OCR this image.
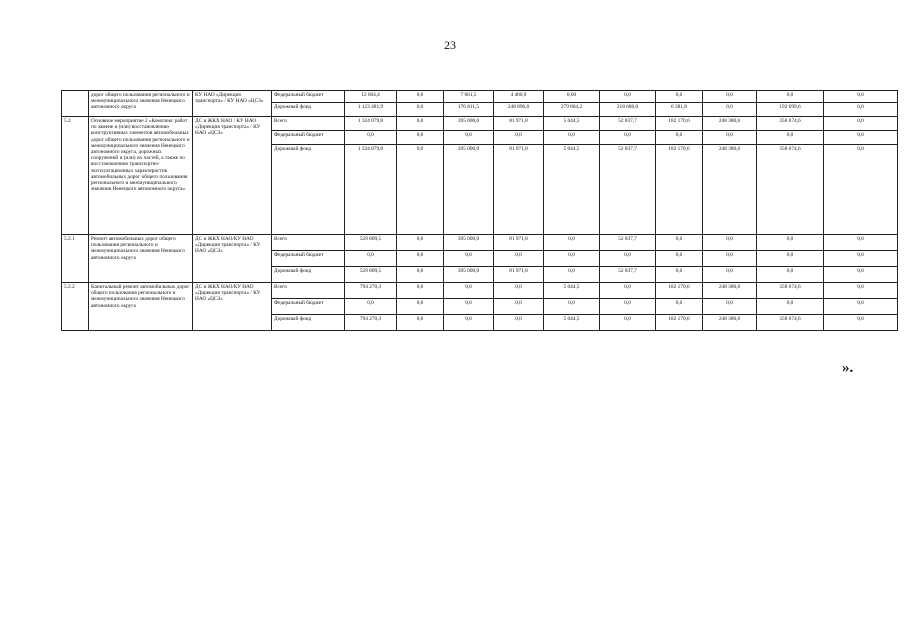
23
	дорог общего пользования регионального и межмуниципального значения Ненецкого автономного округа	КУ НАО «Дирекция транспорта» / КУ НАО «ЦСЗ»	Федеральный бюджет	12 664,4	0,0	7 661,5	4 400,9	0,00	0,0	0,0	0,0	0,0	0,0
			Дорожный фонд	1 123 481,9	0,0	176 811,5	248 896,8	279 804,2	218 686,0	6 381,8	0,0	192 699,6	0,0
5.2	Основное мероприятие 2 «Комплекс работ по замене и (или) восстановлению конструктивных элементов автомобильных дорог общего пользования регионального и межмуниципального значения Ненецкого автономного округа, дорожных сооружений и (или) их частей, а также по восстановлению транспортно-эксплуатационных характеристик автомобильных дорог общего пользования регионального и межмуниципального значения Ненецкого автономного округа»	ДС и ЖКХ НАО / КУ НАО «Дирекция транспорта» / КУ НАО «ЦСЗ»	Всего	1 324 079,8	0,0	395 000,0	81 971,8	5 044,5	52 837,7	182 170,6	248 380,6	358 674,6	0,0
			Федеральный бюджет	0,0	0,0	0,0	0,0	0,0	0,0	0,0	0,0	0,0	0,0
			Дорожный фонд	1 324 079,8	0,0	395 000,0	81 971,8	5 044,5	52 837,7	182 170,6	248 380,6	358 674,6	0,0
5.2.1	Ремонт автомобильных дорог общего пользования регионального и межмуниципального значения Ненецкого автономного округа	ДС и ЖКХ НАО/КУ НАО «Дирекция транспорта» / КУ НАО «ЦСЗ»	Всего	529 809,5	0,0	395 000,0	81 971,8	0,0	52 837,7	0,0	0,0	0,0	0,0
			Федеральный бюджет	0,0	0,0	0,0	0,0	0,0	0,0	0,0	0,0	0,0	0,0
			Дорожный фонд	529 809,5	0,0	395 000,0	81 971,8	0,0	52 837,7	0,0	0,0	0,0	0,0
5.2.2	Капитальный ремонт автомобильных дорог общего пользования регионального и межмуниципального значения Ненецкого автономного округа	ДС и ЖКХ НАО/КУ НАО «Дирекция транспорта» / КУ НАО «ЦСЗ»	Всего	794 270,3	0,0	0,0	0,0	5 044,5	0,0	182 170,6	248 380,6	358 674,6	0,0
			Федеральный бюджет	0,0	0,0	0,0	0,0	0,0	0,0	0,0	0,0	0,0	0,0
			Дорожный фонд	794 270,3	0,0	0,0	0,0	5 044,5	0,0	182 170,6	248 380,6	358 674,6	0,0
».
